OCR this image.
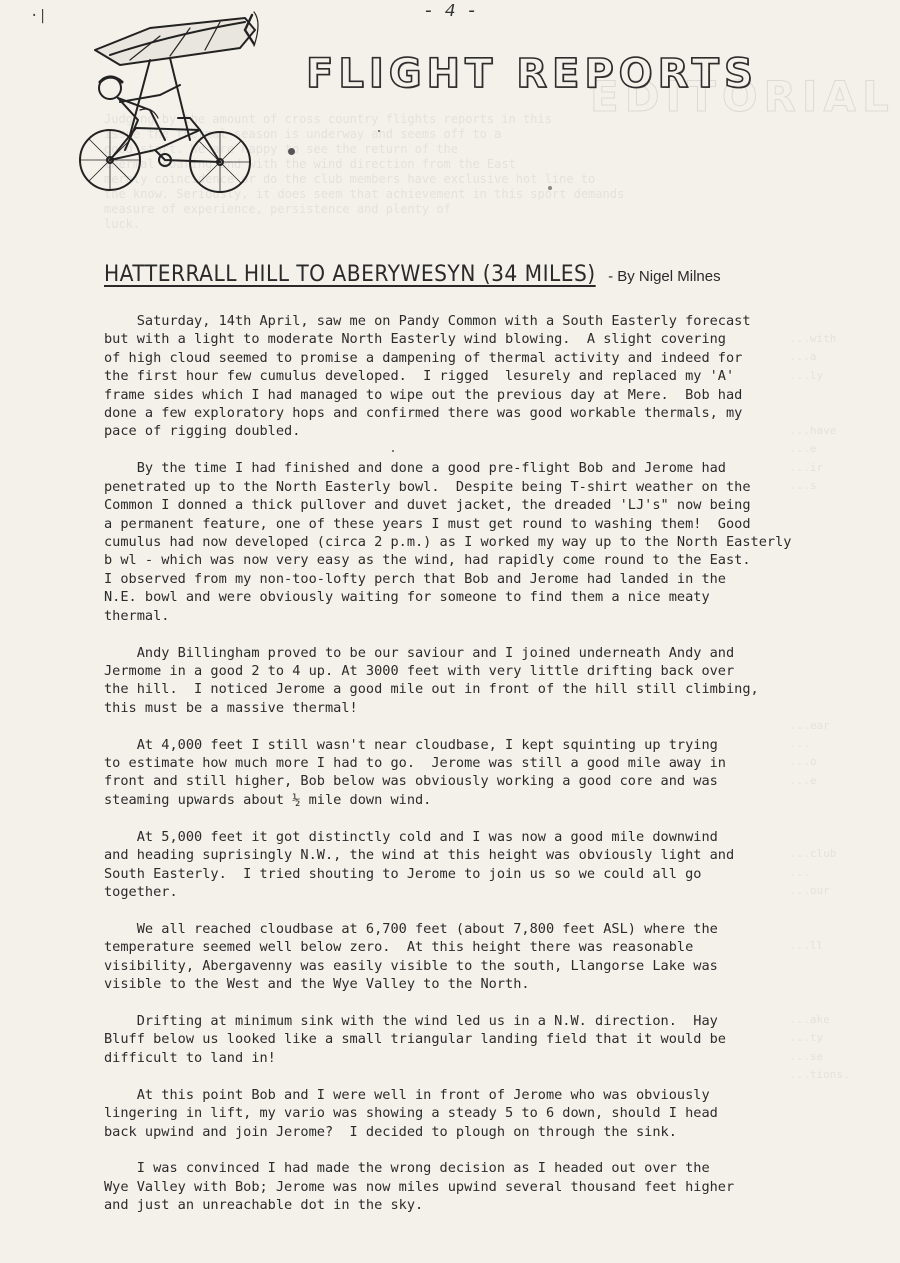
- 4 -
·|
EDITORIAL
Judging by the amount of cross country flights reports in this
issue the thermal season is underway and seems off to a
good start. We are happy  see the return of the
thermal soaring and with the wind direction from the East
merely coincidence or do the club members have exclusive hot line to
the know. Seriously, it does seem that achievement in this sport demands
measure of experience, persistence and plenty of
luck.
...with
...a
...ly

...have
...e
...ir
...s

...ear
...
...o
...e

...club
...
...our

...ll

...ake
...ty
...se
...tions.
FLIGHT REPORTS
HATTERRALL HILL TO ABERYWESYN (34 MILES) - By Nigel Milnes

Saturday, 14th April, saw me on Pandy Common with a South Easterly forecast
but with a light to moderate North Easterly wind blowing.  A slight covering
of high cloud seemed to promise a dampening of thermal activity and indeed for
the first hour few cumulus developed.  I rigged  lesurely and replaced my 'A'
frame sides which I had managed to wipe out the previous day at Mere.  Bob had
done a few exploratory hops and confirmed there was good workable thermals, my
pace of rigging doubled.

By the time I had finished and done a good pre-flight Bob and Jerome had
penetrated up to the North Easterly bowl.  Despite being T-shirt weather on the
Common I donned a thick pullover and duvet jacket, the dreaded 'LJ's" now being
a permanent feature, one of these years I must get round to washing them!  Good
cumulus had now developed (circa 2 p.m.) as I worked my way up to the North Easterly
b wl - which was now very easy as the wind, had rapidly come round to the East.
I observed from my non-too-lofty perch that Bob and Jerome had landed in the
N.E. bowl and were obviously waiting for someone to find them a nice meaty
thermal.

Andy Billingham proved to be our saviour and I joined underneath Andy and
Jermome in a good 2 to 4 up. At 3000 feet with very little drifting back over
the hill.  I noticed Jerome a good mile out in front of the hill still climbing,
this must be a massive thermal!

At 4,000 feet I still wasn't near cloudbase, I kept squinting up trying
to estimate how much more I had to go.  Jerome was still a good mile away in
front and still higher, Bob below was obviously working a good core and was
steaming upwards about ½ mile down wind.

At 5,000 feet it got distinctly cold and I was now a good mile downwind
and heading suprisingly N.W., the wind at this height was obviously light and
South Easterly.  I tried shouting to Jerome to join us so we could all go
together.

We all reached cloudbase at 6,700 feet (about 7,800 feet ASL) where the
temperature seemed well below zero.  At this height there was reasonable
visibility, Abergavenny was easily visible to the south, Llangorse Lake was
visible to the West and the Wye Valley to the North.

Drifting at minimum sink with the wind led us in a N.W. direction.  Hay
Bluff below us looked like a small triangular landing field that it would be
difficult to land in!

At this point Bob and I were well in front of Jerome who was obviously
lingering in lift, my vario was showing a steady 5 to 6 down, should I head
back upwind and join Jerome?  I decided to plough on through the sink.

I was convinced I had made the wrong decision as I headed out over the
Wye Valley with Bob; Jerome was now miles upwind several thousand feet higher
and just an unreachable dot in the sky.
